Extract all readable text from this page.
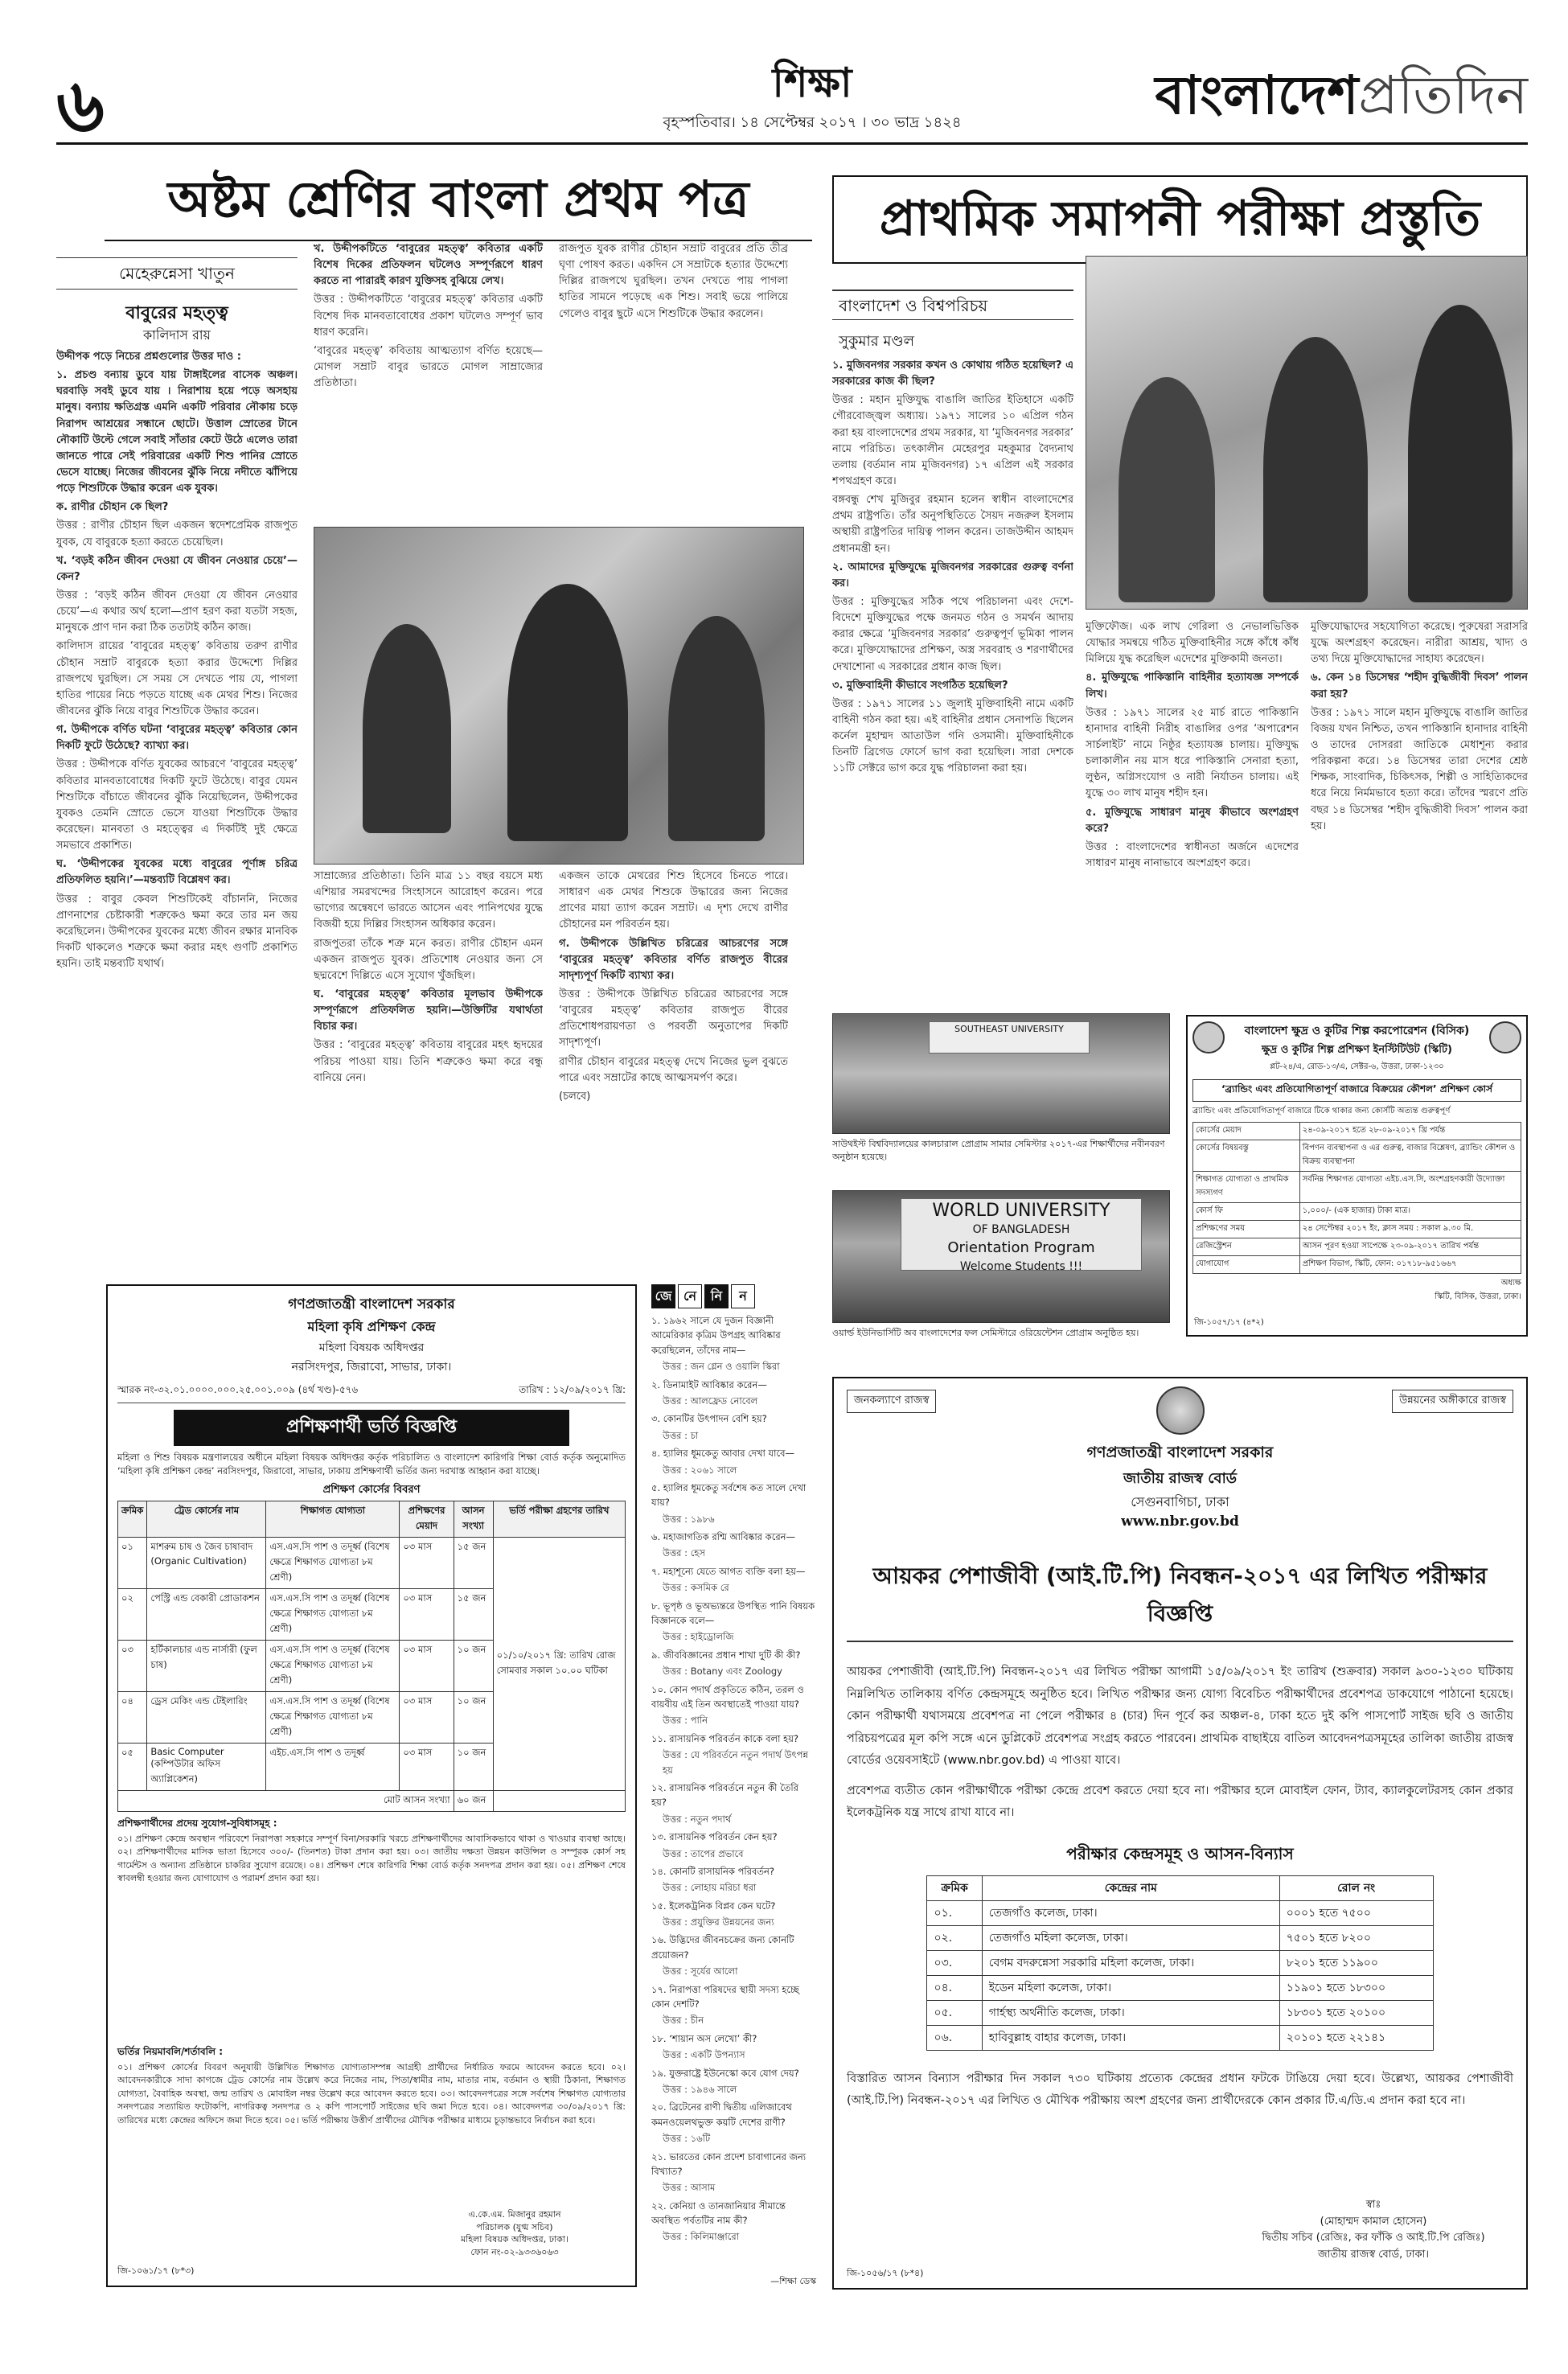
৬	শিক্ষা
বৃহস্পতিবার। ১৪ সেপ্টেম্বর ২০১৭ । ৩০ ভাদ্র ১৪২৪	বাংলাদেশপ্রতিদিন
অষ্টম শ্রেণির বাংলা প্রথম পত্র
মেহেরুন্নেসা খাতুন
বাবুরের মহত্ত্ব
কালিদাস রায়

উদ্দীপক পড়ে নিচের প্রশ্নগুলোর উত্তর দাও :

১. প্রচণ্ড বন্যায় ডুবে যায় টাঙ্গাইলের বাসেক অঞ্চল। ঘরবাড়ি সবই ডুবে যায় । নিরাশায় হয়ে পড়ে অসহায় মানুষ। বন্যায় ক্ষতিগ্রস্ত এমনি একটি পরিবার নৌকায় চড়ে নিরাপদ আশ্রয়ের সন্ধানে ছোটে। উত্তাল স্রোতের টানে নৌকাটি উল্টে গেলে সবাই সাঁতার কেটে উঠে এলেও তারা জানতে পারে সেই পরিবারের একটি শিশু পানির স্রোতে ভেসে যাচ্ছে। নিজের জীবনের ঝুঁকি নিয়ে নদীতে ঝাঁপিয়ে পড়ে শিশুটিকে উদ্ধার করেন এক যুবক।

ক. রাণীর চৌহান কে ছিল?

উত্তর : রাণীর চৌহান ছিল একজন স্বদেশপ্রেমিক রাজপুত যুবক, যে বাবুরকে হত্যা করতে চেয়েছিল।

খ. ‘বড়ই কঠিন জীবন দেওয়া যে জীবন নেওয়ার চেয়ে’—কেন?

উত্তর : ‘বড়ই কঠিন জীবন দেওয়া যে জীবন নেওয়ার চেয়ে’—এ কথার অর্থ হলো—প্রাণ হরণ করা যতটা সহজ, মানুষকে প্রাণ দান করা ঠিক ততটাই কঠিন কাজ।

কালিদাস রায়ের ‘বাবুরের মহত্ত্ব’ কবিতায় তরুণ রাণীর চৌহান সম্রাট বাবুরকে হত্যা করার উদ্দেশ্যে দিল্লির রাজপথে ঘুরছিল। সে সময় সে দেখতে পায় যে, পাগলা হাতির পায়ের নিচে পড়তে যাচ্ছে এক মেথর শিশু। নিজের জীবনের ঝুঁকি নিয়ে বাবুর শিশুটিকে উদ্ধার করেন।

গ. উদ্দীপকে বর্ণিত ঘটনা ‘বাবুরের মহত্ত্ব’ কবিতার কোন দিকটি ফুটে উঠেছে? ব্যাখ্যা কর।

উত্তর : উদ্দীপকে বর্ণিত যুবকের আচরণে ‘বাবুরের মহত্ত্ব’ কবিতার মানবতাবোধের দিকটি ফুটে উঠেছে। বাবুর যেমন শিশুটিকে বাঁচাতে জীবনের ঝুঁকি নিয়েছিলেন, উদ্দীপকের যুবকও তেমনি স্রোতে ভেসে যাওয়া শিশুটিকে উদ্ধার করেছেন। মানবতা ও মহত্ত্বের এ দিকটিই দুই ক্ষেত্রে সমভাবে প্রকাশিত।

ঘ. ‘উদ্দীপকের যুবকের মধ্যে বাবুরের পূর্ণাঙ্গ চরিত্র প্রতিফলিত হয়নি।’—মন্তব্যটি বিশ্লেষণ কর।

উত্তর : বাবুর কেবল শিশুটিকেই বাঁচাননি, নিজের প্রাণনাশের চেষ্টাকারী শত্রুকেও ক্ষমা করে তার মন জয় করেছিলেন। উদ্দীপকের যুবকের মধ্যে জীবন রক্ষার মানবিক দিকটি থাকলেও শত্রুকে ক্ষমা করার মহৎ গুণটি প্রকাশিত হয়নি। তাই মন্তব্যটি যথার্থ।

খ. উদ্দীপকটিতে ‘বাবুরের মহত্ত্ব’ কবিতার একটি বিশেষ দিকের প্রতিফলন ঘটলেও সম্পূর্ণরূপে ধারণ করতে না পারারই কারণ যুক্তিসহ বুঝিয়ে লেখ।

উত্তর : উদ্দীপকটিতে ‘বাবুরের মহত্ত্ব’ কবিতার একটি বিশেষ দিক মানবতাবোধের প্রকাশ ঘটলেও সম্পূর্ণ ভাব ধারণ করেনি।

‘বাবুরের মহত্ত্ব’ কবিতায় আত্মত্যাগ বর্ণিত হয়েছে—মোগল সম্রাট বাবুর ভারতে মোগল সাম্রাজ্যের প্রতিষ্ঠাতা।

রাজপুত যুবক রাণীর চৌহান সম্রাট বাবুরের প্রতি তীব্র ঘৃণা পোষণ করত। একদিন সে সম্রাটকে হত্যার উদ্দেশ্যে দিল্লির রাজপথে ঘুরছিল। তখন দেখতে পায় পাগলা হাতির সামনে পড়েছে এক শিশু। সবাই ভয়ে পালিয়ে গেলেও বাবুর ছুটে এসে শিশুটিকে উদ্ধার করলেন।

সাম্রাজ্যের প্রতিষ্ঠাতা। তিনি মাত্র ১১ বছর বয়সে মধ্য এশিয়ার সমরখন্দের সিংহাসনে আরোহণ করেন। পরে ভাগ্যের অন্বেষণে ভারতে আসেন এবং পানিপথের যুদ্ধে বিজয়ী হয়ে দিল্লির সিংহাসন অধিকার করেন।

রাজপুতরা তাঁকে শত্রু মনে করত। রাণীর চৌহান এমন একজন রাজপুত যুবক। প্রতিশোধ নেওয়ার জন্য সে ছদ্মবেশে দিল্লিতে এসে সুযোগ খুঁজছিল।

ঘ. ‘বাবুরের মহত্ত্ব’ কবিতার মূলভাব উদ্দীপকে সম্পূর্ণরূপে প্রতিফলিত হয়নি।—উক্তিটির যথার্থতা বিচার কর।

উত্তর : ‘বাবুরের মহত্ত্ব’ কবিতায় বাবুরের মহৎ হৃদয়ের পরিচয় পাওয়া যায়। তিনি শত্রুকেও ক্ষমা করে বন্ধু বানিয়ে নেন।

একজন তাকে মেথরের শিশু হিসেবে চিনতে পারে। সাধারণ এক মেথর শিশুকে উদ্ধারের জন্য নিজের প্রাণের মায়া ত্যাগ করেন সম্রাট। এ দৃশ্য দেখে রাণীর চৌহানের মন পরিবর্তন হয়।

গ. উদ্দীপকে উল্লিখিত চরিত্রের আচরণের সঙ্গে ‘বাবুরের মহত্ত্ব’ কবিতার বর্ণিত রাজপুত বীরের সাদৃশ্যপূর্ণ দিকটি ব্যাখ্যা কর।

উত্তর : উদ্দীপকে উল্লিখিত চরিত্রের আচরণের সঙ্গে ‘বাবুরের মহত্ত্ব’ কবিতার রাজপুত বীরের প্রতিশোধপরায়ণতা ও পরবর্তী অনুতাপের দিকটি সাদৃশ্যপূর্ণ।

রাণীর চৌহান বাবুরের মহত্ত্ব দেখে নিজের ভুল বুঝতে পারে এবং সম্রাটের কাছে আত্মসমর্পণ করে।

(চলবে)

প্রাথমিক সমাপনী পরীক্ষা প্রস্তুতি
বাংলাদেশ ও বিশ্বপরিচয়
সুকুমার মণ্ডল

১. মুজিবনগর সরকার কখন ও কোথায় গঠিত হয়েছিল? এ সরকারের কাজ কী ছিল?

উত্তর : মহান মুক্তিযুদ্ধ বাঙালি জাতির ইতিহাসে একটি গৌরবোজ্জ্বল অধ্যায়। ১৯৭১ সালের ১০ এপ্রিল গঠন করা হয় বাংলাদেশের প্রথম সরকার, যা ‘মুজিবনগর সরকার’ নামে পরিচিত। তৎকালীন মেহেরপুর মহকুমার বৈদ্যনাথ তলায় (বর্তমান নাম মুজিবনগর) ১৭ এপ্রিল এই সরকার শপথগ্রহণ করে।

বঙ্গবন্ধু শেখ মুজিবুর রহমান হলেন স্বাধীন বাংলাদেশের প্রথম রাষ্ট্রপতি। তাঁর অনুপস্থিতিতে সৈয়দ নজরুল ইসলাম অস্থায়ী রাষ্ট্রপতির দায়িত্ব পালন করেন। তাজউদ্দীন আহমদ প্রধানমন্ত্রী হন।

২. আমাদের মুক্তিযুদ্ধে মুজিবনগর সরকারের গুরুত্ব বর্ণনা কর।

উত্তর : মুক্তিযুদ্ধের সঠিক পথে পরিচালনা এবং দেশে-বিদেশে মুক্তিযুদ্ধের পক্ষে জনমত গঠন ও সমর্থন আদায় করার ক্ষেত্রে ‘মুজিবনগর সরকার’ গুরুত্বপূর্ণ ভূমিকা পালন করে। মুক্তিযোদ্ধাদের প্রশিক্ষণ, অস্ত্র সরবরাহ ও শরণার্থীদের দেখাশোনা এ সরকারের প্রধান কাজ ছিল।

৩. মুক্তিবাহিনী কীভাবে সংগঠিত হয়েছিল?

উত্তর : ১৯৭১ সালের ১১ জুলাই মুক্তিবাহিনী নামে একটি বাহিনী গঠন করা হয়। এই বাহিনীর প্রধান সেনাপতি ছিলেন কর্নেল মুহাম্মদ আতাউল গনি ওসমানী। মুক্তিবাহিনীকে তিনটি ব্রিগেড ফোর্সে ভাগ করা হয়েছিল। সারা দেশকে ১১টি সেক্টরে ভাগ করে যুদ্ধ পরিচালনা করা হয়।

মুক্তিফৌজ। এক লাখ গেরিলা ও নেভালভিত্তিক যোদ্ধার সমন্বয়ে গঠিত মুক্তিবাহিনীর সঙ্গে কাঁধে কাঁধ মিলিয়ে যুদ্ধ করেছিল এদেশের মুক্তিকামী জনতা।

৪. মুক্তিযুদ্ধে পাকিস্তানি বাহিনীর হত্যাযজ্ঞ সম্পর্কে লিখ।

উত্তর : ১৯৭১ সালের ২৫ মার্চ রাতে পাকিস্তানি হানাদার বাহিনী নিরীহ বাঙালির ওপর ‘অপারেশন সার্চলাইট’ নামে নিষ্ঠুর হত্যাযজ্ঞ চালায়। মুক্তিযুদ্ধ চলাকালীন নয় মাস ধরে পাকিস্তানি সেনারা হত্যা, লুণ্ঠন, অগ্নিসংযোগ ও নারী নির্যাতন চালায়। এই যুদ্ধে ৩০ লাখ মানুষ শহীদ হন।

৫. মুক্তিযুদ্ধে সাধারণ মানুষ কীভাবে অংশগ্রহণ করে?

উত্তর : বাংলাদেশের স্বাধীনতা অর্জনে এদেশের সাধারণ মানুষ নানাভাবে অংশগ্রহণ করে।

মুক্তিযোদ্ধাদের সহযোগিতা করেছে। পুরুষেরা সরাসরি যুদ্ধে অংশগ্রহণ করেছেন। নারীরা আশ্রয়, খাদ্য ও তথ্য দিয়ে মুক্তিযোদ্ধাদের সাহায্য করেছেন।

৬. কেন ১৪ ডিসেম্বর ‘শহীদ বুদ্ধিজীবী দিবস’ পালন করা হয়?

উত্তর : ১৯৭১ সালে মহান মুক্তিযুদ্ধে বাঙালি জাতির বিজয় যখন নিশ্চিত, তখন পাকিস্তানি হানাদার বাহিনী ও তাদের দোসররা জাতিকে মেধাশূন্য করার পরিকল্পনা করে। ১৪ ডিসেম্বর তারা দেশের শ্রেষ্ঠ শিক্ষক, সাংবাদিক, চিকিৎসক, শিল্পী ও সাহিত্যিকদের ধরে নিয়ে নির্মমভাবে হত্যা করে। তাঁদের স্মরণে প্রতি বছর ১৪ ডিসেম্বর ‘শহীদ বুদ্ধিজীবী দিবস’ পালন করা হয়।

SOUTHEAST UNIVERSITY
সাউথইস্ট বিশ্ববিদ্যালয়ের কালচারাল প্রোগ্রাম সামার সেমিস্টার ২০১৭-এর শিক্ষার্থীদের নবীনবরণ অনুষ্ঠান হয়েছে।
WORLD UNIVERSITY
OF BANGLADESH
Orientation Program
Welcome Students !!!
ওয়ার্ল্ড ইউনিভার্সিটি অব বাংলাদেশের ফল সেমিস্টারে ওরিয়েন্টেশন প্রোগ্রাম অনুষ্ঠিত হয়।
বাংলাদেশ ক্ষুদ্র ও কুটির শিল্প করপোরেশন (বিসিক)
ক্ষুদ্র ও কুটির শিল্প প্রশিক্ষণ ইনস্টিটিউট (স্কিটি)
প্লট-২৪/এ, রোড-১৩/এ, সেক্টর-৬, উত্তরা, ঢাকা-১২৩০
‘ব্র্যান্ডিং এবং প্রতিযোগিতাপূর্ণ বাজারে বিক্রয়ের কৌশল’ প্রশিক্ষণ কোর্স
ব্র্যান্ডিং এবং প্রতিযোগিতাপূর্ণ বাজারে টিকে থাকার জন্য কোর্সটি অত্যন্ত গুরুত্বপূর্ণ
কোর্সের মেয়াদ	২৪-০৯-২০১৭ হতে ২৮-০৯-২০১৭ খ্রি পর্যন্ত
কোর্সের বিষয়বস্তু	বিপণন ব্যবস্থাপনা ও এর গুরুত্ব, বাজার বিশ্লেষণ, ব্র্যান্ডিং কৌশল ও বিক্রয় ব্যবস্থাপনা
শিক্ষাগত যোগ্যতা ও প্রাথমিক সদস্যগণ	সর্বনিম্ন শিক্ষাগত যোগ্যতা এইচ.এস.সি, অংশগ্রহণকারী উদ্যোক্তা
কোর্স ফি	১,০০০/- (এক হাজার) টাকা মাত্র।
প্রশিক্ষণের সময়	২৪ সেপ্টেম্বর ২০১৭ ইং, ক্লাস সময় : সকাল ৯.৩০ মি.
রেজিস্ট্রেশন	আসন পূরণ হওয়া সাপেক্ষে ২৩-০৯-২০১৭ তারিখ পর্যন্ত
যোগাযোগ	প্রশিক্ষণ বিভাগ, স্কিটি, ফোন: ০১৭১৮-৯৫১৬৬৭
অধ্যক্ষ
স্কিটি, বিসিক, উত্তরা, ঢাকা।
জি-১০৫৭/১৭ (৪*২)
গণপ্রজাতন্ত্রী বাংলাদেশ সরকার
মহিলা কৃষি প্রশিক্ষণ কেন্দ্র
মহিলা বিষয়ক অধিদপ্তর
নরসিংদপুর, জিরাবো, সাভার, ঢাকা।
স্মারক নং-৩২.০১.০০০০.০০০.২৫.০০১.০০৯ (৪র্থ খণ্ড)-৫৭৬	তারিখ : ১২/০৯/২০১৭ খ্রি:
প্রশিক্ষণার্থী ভর্তি বিজ্ঞপ্তি
মহিলা ও শিশু বিষয়ক মন্ত্রণালয়ের অধীনে মহিলা বিষয়ক অধিদপ্তর কর্তৃক পরিচালিত ও বাংলাদেশ কারিগরি শিক্ষা বোর্ড কর্তৃক অনুমোদিত ‘মহিলা কৃষি প্রশিক্ষণ কেন্দ্র’ নরসিংদপুর, জিরাবো, সাভার, ঢাকায় প্রশিক্ষণার্থী ভর্তির জন্য দরখাস্ত আহ্বান করা যাচ্ছে।
প্রশিক্ষণ কোর্সের বিবরণ
ক্রমিক	ট্রেড কোর্সের নাম	শিক্ষাগত যোগ্যতা	প্রশিক্ষণের মেয়াদ	আসন সংখ্যা	ভর্তি পরীক্ষা গ্রহণের তারিখ
০১	মাশরুম চাষ ও জৈব চাষাবাদ (Organic Cultivation)	এস.এস.সি পাশ ও তদূর্ধ্ব (বিশেষ ক্ষেত্রে শিক্ষাগত যোগ্যতা ৮ম শ্রেণী)	০৩ মাস	১৫ জন	০১/১০/২০১৭ খ্রি: তারিখ রোজ সোমবার সকাল ১০.০০ ঘটিকা
০২	পেস্ট্রি এন্ড বেকারী প্রোডাকশন	এস.এস.সি পাশ ও তদূর্ধ্ব (বিশেষ ক্ষেত্রে শিক্ষাগত যোগ্যতা ৮ম শ্রেণী)	০৩ মাস	১৫ জন	
০৩	হর্টিকালচার এন্ড নার্সারী (ফুল চাষ)	এস.এস.সি পাশ ও তদূর্ধ্ব (বিশেষ ক্ষেত্রে শিক্ষাগত যোগ্যতা ৮ম শ্রেণী)	০৩ মাস	১০ জন	
০৪	ড্রেস মেকিং এন্ড টেইলারিং	এস.এস.সি পাশ ও তদূর্ধ্ব (বিশেষ ক্ষেত্রে শিক্ষাগত যোগ্যতা ৮ম শ্রেণী)	০৩ মাস	১০ জন	
০৫	Basic Computer (কম্পিউটার অফিস অ্যাপ্লিকেশন)	এইচ.এস.সি পাশ ও তদূর্ধ্ব	০৩ মাস	১০ জন	
মোট আসন সংখ্যা				৬০ জন	
প্রশিক্ষণার্থীদের প্রদেয় সুযোগ-সুবিধাসমূহ :
০১। প্রশিক্ষণ কেন্দ্রে অবস্থান পরিবেশে নিরাপত্তা সহকারে সম্পূর্ণ বিনা/সরকারি খরচে প্রশিক্ষণার্থীদের আবাসিকভাবে থাকা ও খাওয়ার ব্যবস্থা আছে। ০২। প্রশিক্ষণার্থীদের মাসিক ভাতা হিসেবে ৩০০/- (তিনশত) টাকা প্রদান করা হয়। ০৩। জাতীয় দক্ষতা উন্নয়ন কাউন্সিল ও সম্পূরক কোর্স সহ গার্মেন্টস ও অন্যান্য প্রতিষ্ঠানে চাকরির সুযোগ রয়েছে। ০৪। প্রশিক্ষণ শেষে কারিগরি শিক্ষা বোর্ড কর্তৃক সনদপত্র প্রদান করা হয়। ০৫। প্রশিক্ষণ শেষে স্বাবলম্বী হওয়ার জন্য যোগাযোগ ও পরামর্শ প্রদান করা হয়।
ভর্তির নিয়মাবলি/শর্তাবলি :
০১। প্রশিক্ষণ কোর্সের বিবরণ অনুযায়ী উল্লিখিত শিক্ষাগত যোগ্যতাসম্পন্ন আগ্রহী প্রার্থীদের নির্ধারিত ফরমে আবেদন করতে হবে। ০২। আবেদনকারীকে সাদা কাগজে ট্রেড কোর্সের নাম উল্লেখ করে নিজের নাম, পিতা/স্বামীর নাম, মাতার নাম, বর্তমান ও স্থায়ী ঠিকানা, শিক্ষাগত যোগ্যতা, বৈবাহিক অবস্থা, জন্ম তারিখ ও মোবাইল নম্বর উল্লেখ করে আবেদন করতে হবে। ০৩। আবেদনপত্রের সঙ্গে সর্বশেষ শিক্ষাগত যোগ্যতার সনদপত্রের সত্যায়িত ফটোকপি, নাগরিকত্ব সনদপত্র ও ২ কপি পাসপোর্ট সাইজের ছবি জমা দিতে হবে। ০৪। আবেদনপত্র ৩০/০৯/২০১৭ খ্রি: তারিখের মধ্যে কেন্দ্রের অফিসে জমা দিতে হবে। ০৫। ভর্তি পরীক্ষায় উত্তীর্ণ প্রার্থীদের মৌখিক পরীক্ষার মাধ্যমে চূড়ান্তভাবে নির্বাচন করা হবে।
এ.কে.এম. মিজানুর রহমান
পরিচালক (যুগ্ম সচিব)
মহিলা বিষয়ক অধিদপ্তর, ঢাকা।
ফোন নং-০২-৯৩৩৬০৬৩
জি-১০৬১/১৭ (৮*৩)
জে নে	নি	ন
১. ১৯৬২ সালে যে দুজন বিজ্ঞানী আমেরিকার কৃত্রিম উপগ্রহ আবিষ্কার করেছিলেন, তাঁদের নাম—
উত্তর : জন গ্লেন ও ওয়ালি স্কিরা
২. ডিনামাইট আবিষ্কার করেন—
উত্তর : আলফ্রেড নোবেল
৩. কোনটির উৎপাদন বেশি হয়?
উত্তর : চা
৪. হ্যালির ধূমকেতু আবার দেখা যাবে—
উত্তর : ২০৬১ সালে
৫. হ্যালির ধূমকেতু সর্বশেষ কত সালে দেখা যায়?
উত্তর : ১৯৮৬
৬. মহাজাগতিক রশ্মি আবিষ্কার করেন—
উত্তর : হেস
৭. মহাশূন্যে যেতে আগত ব্যক্তি বলা হয়—
উত্তর : কসমিক রে
৮. ভূপৃষ্ঠ ও ভূঅভ্যন্তরে উপস্থিত পানি বিষয়ক বিজ্ঞানকে বলে—
উত্তর : হাইড্রোলজি
৯. জীববিজ্ঞানের প্রধান শাখা দুটি কী কী?
উত্তর : Botany এবং Zoology
১০. কোন পদার্থ প্রকৃতিতে কঠিন, তরল ও বায়বীয় এই তিন অবস্থাতেই পাওয়া যায়?
উত্তর : পানি
১১. রাসায়নিক পরিবর্তন কাকে বলা হয়?
উত্তর : যে পরিবর্তনে নতুন পদার্থ উৎপন্ন হয়
১২. রাসায়নিক পরিবর্তনে নতুন কী তৈরি হয়?
উত্তর : নতুন পদার্থ
১৩. রাসায়নিক পরিবর্তন কেন হয়?
উত্তর : তাপের প্রভাবে
১৪. কোনটি রাসায়নিক পরিবর্তন?
উত্তর : লোহায় মরিচা ধরা
১৫. ইলেকট্রনিক বিপ্লব কেন ঘটে?
উত্তর : প্রযুক্তির উন্নয়নের জন্য
১৬. উদ্ভিদের জীবনচক্রের জন্য কোনটি প্রয়োজন?
উত্তর : সূর্যের আলো
১৭. নিরাপত্তা পরিষদের স্থায়ী সদস্য হচ্ছে কোন দেশটি?
উত্তর : চীন
১৮. ‘শায়ান অস লেখো’ কী?
উত্তর : একটি উপন্যাস
১৯. যুক্তরাষ্ট্রে ইউনেস্কো কবে যোগ দেয়?
উত্তর : ১৯৪৬ সালে
২০. ব্রিটেনের রাণী দ্বিতীয় এলিজাবেথ কমনওয়েলথভুক্ত কয়টি দেশের রাণী?
উত্তর : ১৬টি
২১. ভারতের কোন প্রদেশ চাবাগানের জন্য বিখ্যাত?
উত্তর : আসাম
২২. কেনিয়া ও তানজানিয়ার সীমান্তে অবস্থিত পর্বতটির নাম কী?
উত্তর : কিলিমাঞ্জারো
—শিক্ষা ডেস্ক
জনকল্যাণে রাজস্ব	উন্নয়নের অঙ্গীকারে রাজস্ব
গণপ্রজাতন্ত্রী বাংলাদেশ সরকার
জাতীয় রাজস্ব বোর্ড
সেগুনবাগিচা, ঢাকা
www.nbr.gov.bd
আয়কর পেশাজীবী (আই.টি.পি) নিবন্ধন-২০১৭ এর লিখিত পরীক্ষার বিজ্ঞপ্তি
আয়কর পেশাজীবী (আই.টি.পি) নিবন্ধন-২০১৭ এর লিখিত পরীক্ষা আগামী ১৫/০৯/২০১৭ ইং তারিখ (শুক্রবার) সকাল ৯৩০-১২৩০ ঘটিকায় নিম্নলিখিত তালিকায় বর্ণিত কেন্দ্রসমূহে অনুষ্ঠিত হবে। লিখিত পরীক্ষার জন্য যোগ্য বিবেচিত পরীক্ষার্থীদের প্রবেশপত্র ডাকযোগে পাঠানো হয়েছে। কোন পরীক্ষার্থী যথাসময়ে প্রবেশপত্র না পেলে পরীক্ষার ৪ (চার) দিন পূর্বে কর অঞ্চল-৪, ঢাকা হতে দুই কপি পাসপোর্ট সাইজ ছবি ও জাতীয় পরিচয়পত্রের মূল কপি সঙ্গে এনে ডুপ্লিকেট প্রবেশপত্র সংগ্রহ করতে পারবেন। প্রাথমিক বাছাইয়ে বাতিল আবেদনপত্রসমূহের তালিকা জাতীয় রাজস্ব বোর্ডের ওয়েবসাইটে (www.nbr.gov.bd) এ পাওয়া যাবে।
প্রবেশপত্র ব্যতীত কোন পরীক্ষার্থীকে পরীক্ষা কেন্দ্রে প্রবেশ করতে দেয়া হবে না। পরীক্ষার হলে মোবাইল ফোন, ট্যাব, ক্যালকুলেটরসহ কোন প্রকার ইলেকট্রনিক যন্ত্র সাথে রাখা যাবে না।
পরীক্ষার কেন্দ্রসমূহ ও আসন-বিন্যাস
ক্রমিক	কেন্দ্রের নাম	রোল নং
০১.	তেজগাঁও কলেজ, ঢাকা।	০০০১ হতে ৭৫০০
০২.	তেজগাঁও মহিলা কলেজ, ঢাকা।	৭৫০১ হতে ৮২০০
০৩.	বেগম বদরুন্নেসা সরকারি মহিলা কলেজ, ঢাকা।	৮২০১ হতে ১১৯০০
০৪.	ইডেন মহিলা কলেজ, ঢাকা।	১১৯০১ হতে ১৮৩০০
০৫.	গার্হস্থ্য অর্থনীতি কলেজ, ঢাকা।	১৮৩০১ হতে ২০১০০
০৬.	হাবিবুল্লাহ বাহার কলেজ, ঢাকা।	২০১০১ হতে ২২১৪১
বিস্তারিত আসন বিন্যাস পরীক্ষার দিন সকাল ৭৩০ ঘটিকায় প্রত্যেক কেন্দ্রের প্রধান ফটকে টাঙিয়ে দেয়া হবে। উল্লেখ্য, আয়কর পেশাজীবী (আই.টি.পি) নিবন্ধন-২০১৭ এর লিখিত ও মৌখিক পরীক্ষায় অংশ গ্রহণের জন্য প্রার্থীদেরকে কোন প্রকার টি.এ/ডি.এ প্রদান করা হবে না।
স্বাঃ
(মোহাম্মদ কামাল হোসেন)
দ্বিতীয় সচিব (রেজিঃ, কর ফাঁকি ও আই.টি.পি রেজিঃ)
জাতীয় রাজস্ব বোর্ড, ঢাকা।
জি-১০৫৬/১৭ (৮*৪)
